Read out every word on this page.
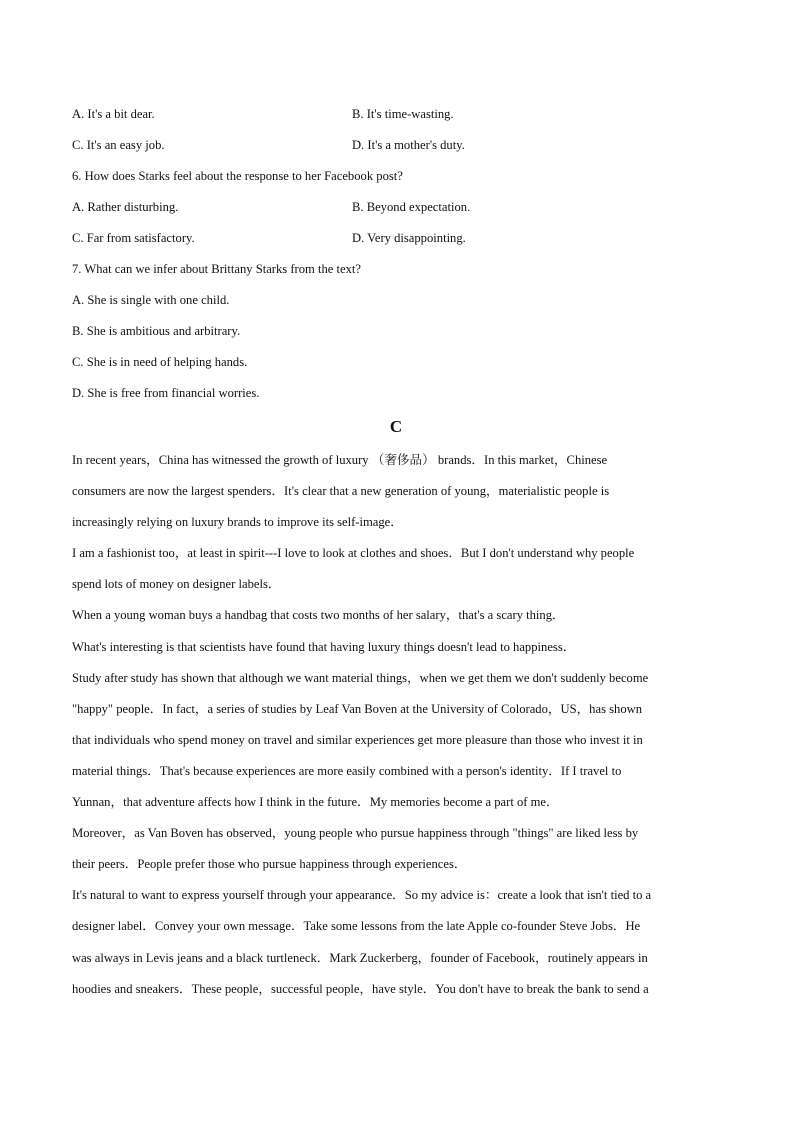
A. It's a bit dear.	B. It's time-wasting.
C. It's an easy job.	D. It's a mother's duty.
6. How does Starks feel about the response to her Facebook post?
A. Rather disturbing.	B. Beyond expectation.
C. Far from satisfactory.	D. Very disappointing.
7. What can we infer about Brittany Starks from the text?
A. She is single with one child.
B. She is ambitious and arbitrary.
C. She is in need of helping hands.
D. She is free from financial worries.
C
In recent years，China has witnessed the growth of luxury （奢侈品） brands．In this market，Chinese
consumers are now the largest spenders．It's clear that a new generation of young，materialistic people is
increasingly relying on luxury brands to improve its self-image．
I am a fashionist too，at least in spirit---I love to look at clothes and shoes．But I don't understand why people
spend lots of money on designer labels．
When a young woman buys a handbag that costs two months of her salary，that's a scary thing．
What's interesting is that scientists have found that having luxury things doesn't lead to happiness．
Study after study has shown that although we want material things，when we get them we don't suddenly become
"happy" people．In fact，a series of studies by Leaf Van Boven at the University of Colorado，US，has shown
that individuals who spend money on travel and similar experiences get more pleasure than those who invest it in
material things．That's because experiences are more easily combined with a person's identity．If I travel to
Yunnan，that adventure affects how I think in the future．My memories become a part of me．
Moreover，as Van Boven has observed，young people who pursue happiness through "things" are liked less by
their peers．People prefer those who pursue happiness through experiences．
It's natural to want to express yourself through your appearance．So my advice is：create a look that isn't tied to a
designer label．Convey your own message．Take some lessons from the late Apple co-founder Steve Jobs．He
was always in Levis jeans and a black turtleneck．Mark Zuckerberg，founder of Facebook，routinely appears in
hoodies and sneakers．These people，successful people，have style．You don't have to break the bank to send a
